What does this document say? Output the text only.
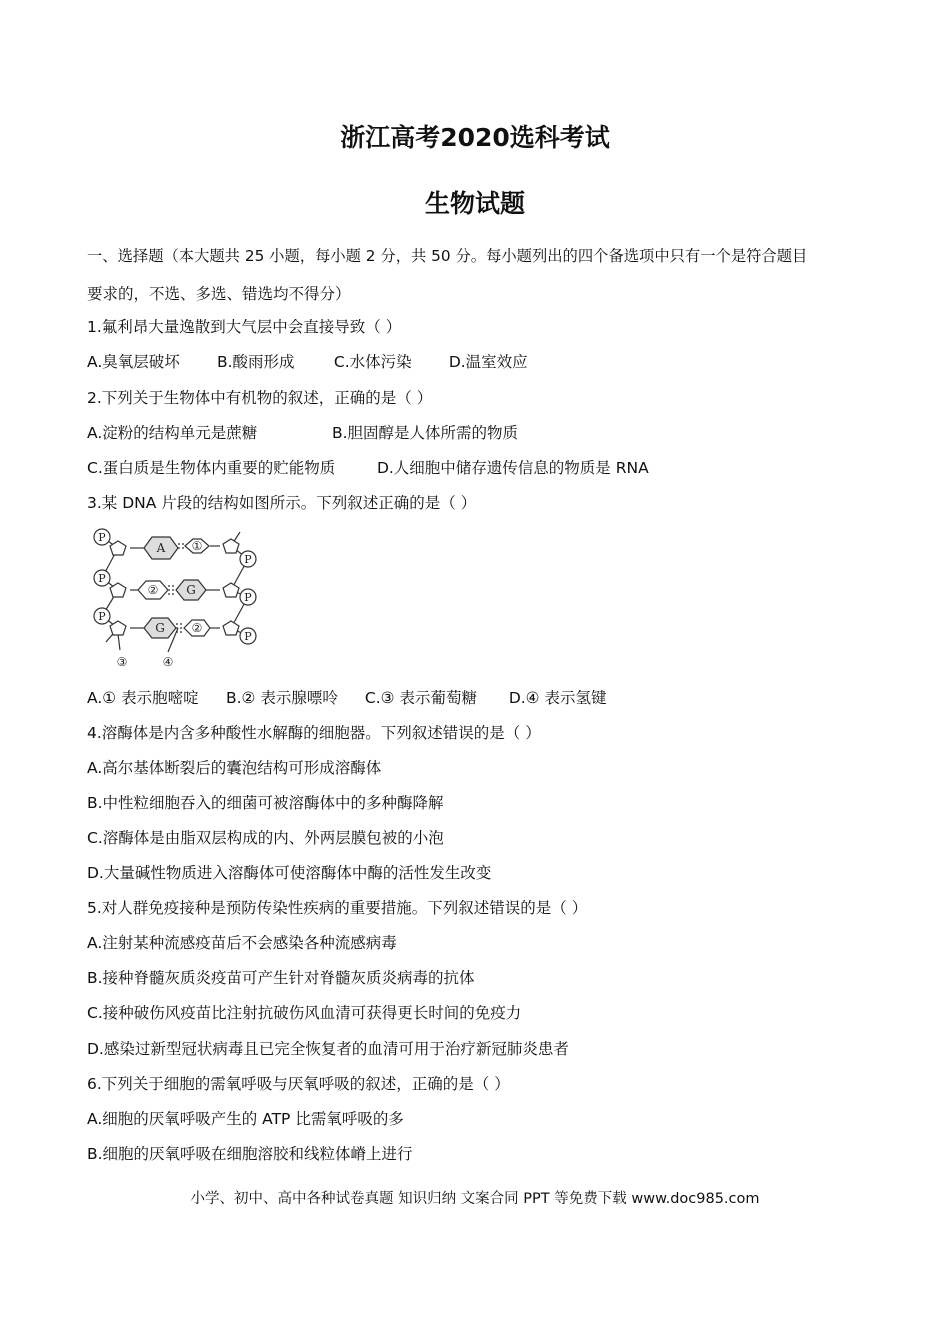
浙江高考2020选科考试
生物试题
一、选择题（本大题共 25 小题，每小题 2 分，共 50 分。每小题列出的四个备选项中只有一个是符合题目
要求的，不选、多选、错选均不得分）
1.氟利昂大量逸散到大气层中会直接导致（ ）
A.臭氧层破坏 B.酸雨形成	C.水体污染 D.温室效应
2.下列关于生物体中有机物的叙述，正确的是（ ）
A.淀粉的结构单元是蔗糖	B.胆固醇是人体所需的物质
C.蛋白质是生物体内重要的贮能物质	D.人细胞中储存遗传信息的物质是 RNA
3.某 DNA 片段的结构如图所示。下列叙述正确的是（ ）
P
P
P
P
P
P
A
G
G
①
②
②
③	④
A.① 表示胞嘧啶 B.② 表示腺嘌呤 C.③ 表示葡萄糖 D.④ 表示氢键
4.溶酶体是内含多种酸性水解酶的细胞器。下列叙述错误的是（ ）
A.高尔基体断裂后的囊泡结构可形成溶酶体
B.中性粒细胞吞入的细菌可被溶酶体中的多种酶降解
C.溶酶体是由脂双层构成的内、外两层膜包被的小泡
D.大量碱性物质进入溶酶体可使溶酶体中酶的活性发生改变
5.对人群免疫接种是预防传染性疾病的重要措施。下列叙述错误的是（ ）
A.注射某种流感疫苗后不会感染各种流感病毒
B.接种脊髓灰质炎疫苗可产生针对脊髓灰质炎病毒的抗体
C.接种破伤风疫苗比注射抗破伤风血清可获得更长时间的免疫力
D.感染过新型冠状病毒且已完全恢复者的血清可用于治疗新冠肺炎患者
6.下列关于细胞的需氧呼吸与厌氧呼吸的叙述，正确的是（ ）
A.细胞的厌氧呼吸产生的 ATP 比需氧呼吸的多
B.细胞的厌氧呼吸在细胞溶胶和线粒体嵴上进行
小学、初中、高中各种试卷真题 知识归纳 文案合同 PPT 等免费下载 www.doc985.com
